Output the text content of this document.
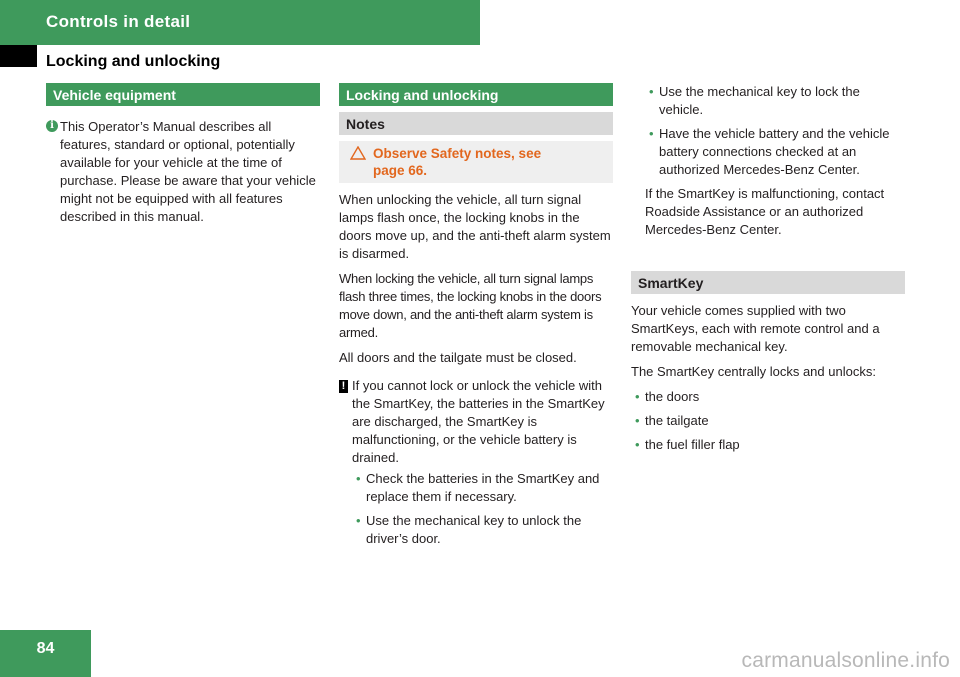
Controls in detail
Locking and unlocking
Vehicle equipment
i This Operator’s Manual describes all features, standard or optional, potentially available for your vehicle at the time of purchase. Please be aware that your vehicle might not be equipped with all features described in this manual.
Locking and unlocking
Notes
Observe Safety notes, see
page 66.

When unlocking the vehicle, all turn signal lamps flash once, the locking knobs in the doors move up, and the anti-theft alarm system is disarmed.

When locking the vehicle, all turn signal lamps flash three times, the locking knobs in the doors move down, and the anti-theft alarm system is armed.

All doors and the tailgate must be closed.

! If you cannot lock or unlock the vehicle with the SmartKey, the batteries in the SmartKey are discharged, the SmartKey is malfunctioning, or the vehicle battery is drained.

• Check the batteries in the SmartKey and replace them if necessary.
• Use the mechanical key to unlock the driver’s door.
• Use the mechanical key to lock the vehicle.
• Have the vehicle battery and the vehicle battery connections checked at an authorized Mercedes-Benz Center.

If the SmartKey is malfunctioning, contact Roadside Assistance or an authorized Mercedes-Benz Center.

SmartKey

Your vehicle comes supplied with two SmartKeys, each with remote control and a removable mechanical key.

The SmartKey centrally locks and unlocks:

• the doors
• the tailgate
• the fuel filler flap
84
carmanualsonline.info
